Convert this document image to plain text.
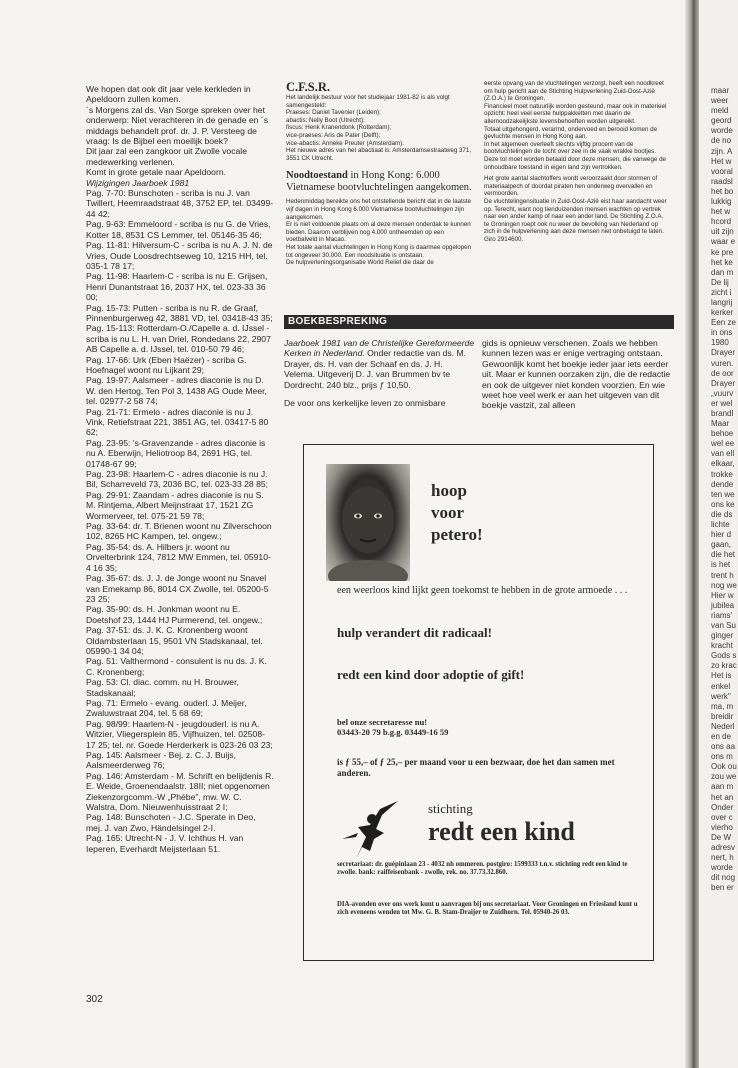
We hopen dat ook dit jaar vele kerkleden in Apeldoorn zullen komen.

´s Morgens zal ds. Van Sorge spreken over het onderwerp: Niet verachteren in de genade en ´s middags behandelt prof. dr. J. P. Versteeg de vraag: Is de Bijbel een moeilijk boek?

Dit jaar zal een zangkoor uit Zwolle vocale medewerking verlenen.

Komt in grote getale naar Apeldoorn.

Wijzigingen Jaarboek 1981

Pag. 7-70: Bunschoten - scriba is nu J. van Twillert, Heemraadstraat 48, 3752 EP, tel. 03499-44 42;

Pag. 9-63: Emmeloord - scriba is nu G. de Vries, Kotter 18, 8531 CS Lemmer, tel. 05146-35 46;

Pag. 11-81: Hilversum-C - scriba is nu A. J. N. de Vries, Oude Loosdrechtseweg 10, 1215 HH, tel. 035-1 78 17;

Pag. 11-98: Haarlem-C - scriba is nu E. Grijsen, Henri Dunantstraat 16, 2037 HX, tel. 023-33 36 00;

Pag. 15-73: Putten - scriba is nu R. de Graaf, Pinnenburgerweg 42, 3881 VD, tel. 03418-43 35;

Pag. 15-113: Rotterdam-O./Capelle a. d. IJssel - scriba is nu L. H. van Driel, Rondedans 22, 2907 AB Capelle a. d. IJssel, tel. 010-50 79 46;

Pag. 17-66: Urk (Eben Haëzer) - scriba G. Hoefnagel woont nu Lijkant 29;

Pag. 19-97: Aalsmeer - adres diaconie is nu D. W. den Hertog, Ten Pol 3, 1438 AG Oude Meer, tel. 02977-2 58 74;

Pag. 21-71: Ermelo - adres diaconie is nu J. Vink, Retiefstraat 221, 3851 AG, tel. 03417-5 80 62;

Pag. 23-95: 's-Gravenzande - adres diaconie is nu A. Eberwijn, Heliotroop 84, 2691 HG, tel. 01748-67 99;

Pag. 23-98: Haarlem-C - adres diaconie is nu J. Bil, Scharreveld 73, 2036 BC, tel. 023-33 28 85;

Pag. 29-91: Zaandam - adres diaconie is nu S. M. Rintjema, Albert Meijnstraat 17, 1521 ZG Wormerveer, tel. 075-21 59 78;

Pag. 33-64: dr. T. Brienen woont nu Zilverschoon 102, 8265 HC Kampen, tel. ongew.;

Pag. 35-54: ds. A. Hilbers jr. woont nu Orvelterbrink 124, 7812 MW Emmen, tel. 05910-4 16 35;

Pag. 35-67: ds. J. J. de Jonge woont nu Snavel van Emekamp 86, 8014 CX Zwolle, tel. 05200-5 23 25;

Pag. 35-90: ds. H. Jonkman woont nu E. Doetshof 23, 1444 HJ Purmerend, tel. ongew.;

Pag. 37-51: ds. J. K. C. Kronenberg woont Oldambsterlaan 15, 9501 VN Stadskanaal, tel. 05990-1 34 04;

Pag. 51: Valthermond - consulent is nu ds. J. K. C. Kronenberg;

Pag. 53: Cl. diac. comm. nu H. Brouwer, Stadskanaal;

Pag. 71: Ermelo - evang. ouderl. J. Meijer, Zwaluwstraat 204, tel. 5 68 69;

Pag. 98/99: Haarlem-N - jeugdouderl. is nu A. Witzier, Vliegersplein 85, Vijfhuizen, tel. 02508-17 25; tel. nr. Goede Herderkerk is 023-26 03 23;

Pag. 145: Aalsmeer - Bej. z. C. J. Buijs, Aalsmeerderweg 76;

Pag. 146: Amsterdam - M. Schrift en belijdenis R. E. Weide, Groenendaalstr. 18II; niet opgenomen Ziekenzorgcomm.-W „Phébe”, mw. W. C. Walstra, Dom. Nieuwenhuisstraat 2 I;

Pag. 148: Bunschoten - J.C. Sperate in Deo, mej. J. van Zwo, Händelsingel 2-I.

Pag. 165: Utrecht-N - J. V. Ichthus H. van Ieperen, Everhardt Meijsterlaan 51.

C.F.S.R.
Het landelijk bestuur voor het studiejaar 1981-82 is als volgt samengesteld:
Praeses: Daniel Tavenier (Leiden);
abactis: Nelly Boot (Utrecht);
fiscus: Henk Kranendonk (Rotterdam);
vice-praeses: Aris de Pater (Delft);
vice-abactis: Anneke Preuter (Amsterdam).
Het nieuwe adres van het abactiaat is: Amsterdamsestraatweg 371, 3551 CK Utrecht.
Noodtoestand in Hong Kong: 6.000 Vietnamese bootvluchtelingen aangekomen.
Hedenmiddag bereikte ons het ontstellende bericht dat in de laatste vijf dagen in Hong Kong 6.000 Vietnamese bootvluchtelingen zijn aangekomen.
Er is niet voldoende plaats om al deze mensen onderdak te kunnen bieden. Daarom verblijven nog 4.000 ontheemden op een voetbalveld in Macao.
Het totale aantal vluchtelingen in Hong Kong is daarmee opgelopen tot ongeveer 30.000. Een noodsituatie is ontstaan.
De hulpverleningsorganisatie World Relief die daar de
eerste opvang van de vluchtelingen verzorgt, heeft een noodkreet om hulp gericht aan de Stichting Hulpverlening Zuid-Oost-Azië (Z.O.A.) te Groningen.
Financieel moet natuurlijk worden gesteund, maar ook in materieel opzicht: heel veel eerste hulppakketten met daarin de allernoodzakelijkste levensbehoeften worden uitgereikt.
Totaal uitgehongerd, verarmd, ondervoed en berooid komen de gevluchte mensen in Hong Kong aan.
In het algemeen overleeft slechts vijftig procent van de bootvluchtelingen de tocht over zee in de vaak wrakke bootjes. Deze tol moet worden betaald door deze mensen, die vanwege de onhoudbare toestand in eigen land zijn vertrokken.
Het grote aantal slachtoffers wordt veroorzaakt door stormen of materiaalpech of doordat piraten hen onderweg overvallen en vermoorden.
De vluchtelingensituatie in Zuid-Oost-Azië eist haar aandacht weer op. Terecht, want nog tienduizenden mensen wachten op vertrek naar een ander kamp of naar een ander land. De Stichting Z.O.A. te Groningen roept ook nu weer de bevolking van Nederland op zich in de hulpverlening aan deze mensen niet onbetuigd te laten. Giro 2914600.
BOEKBESPREKING

Jaarboek 1981 van de Christelijke Gereformeerde Kerken in Nederland. Onder redactie van ds. M. Drayer, ds. H. van der Schaaf en ds. J. H. Velema. Uitgeverij D. J. van Brummen bv te Dordrecht. 240 blz., prijs ƒ 10,50.

De voor ons kerkelijke leven zo onmisbare

gids is opnieuw verschenen. Zoals we hebben kunnen lezen was er enige vertraging ontstaan. Gewoonlijk komt het boekje ieder jaar iets eerder uit. Maar er kunnen oorzaken zijn, die de redactie en ook de uitgever niet konden voorzien. En wie weet hoe veel werk er aan het uitgeven van dit boekje vastzit, zal alleen

hoop
voor
petero!
een weerloos kind lijkt geen toekomst te hebben in de grote armoede . . .
hulp verandert dit radicaal!
redt een kind door adoptie of gift!
bel onze secretaresse nu!
03443-20 79 b.g.g. 03449-16 59
is ƒ 55,– of ƒ 25,– per maand voor u een bezwaar, doe het dan samen met anderen.
stichting
redt een kind
secretariaat: dr. guépinlaan 23 - 4032 nh ommeren. postgiro: 1599333 t.n.v. stichting redt een kind te zwolle. bank: raiffeisenbank - zwolle, rek. no. 37.73.32.860.
DIA-avonden over ons werk kunt u aanvragen bij ons secretariaat. Voor Groningen en Friesland kunt u zich eveneens wenden tot Mw. G. B. Stam-Draijer te Zuidhorn. Tel. 05940-26 03.
302
maar
weer
meld
geord
worde
de no
zijn. A
Het w
vooral
raadsl
het bo
lukkig
het w
hcord
uit zijn
waar e
ke pre
het ke
dan m
De lij
zicht i
langrij
kerker
Een ze
in ons
1980
Drayer
vuren.
de oor
Drayer
„vuurv
er wel
brandl
Maar
behoe
wel ee
van ell
elkaar,
trokke
dende
ten we
ons ke
die ds
lichte
hier d
gaan,
die het
is het
trent h
nog we
Hier w
jubilea
riams'
van Su
ginger
kracht
Gods s
zo krac
Het is
enkel
werk"
ma, m
breidir
Nederl
en de
ons aa
ons m
Ook ou
zou we
aan m
het an
Onder
over c
vierho
De W
adresv
nert, h
worde
dit nog
ben er
